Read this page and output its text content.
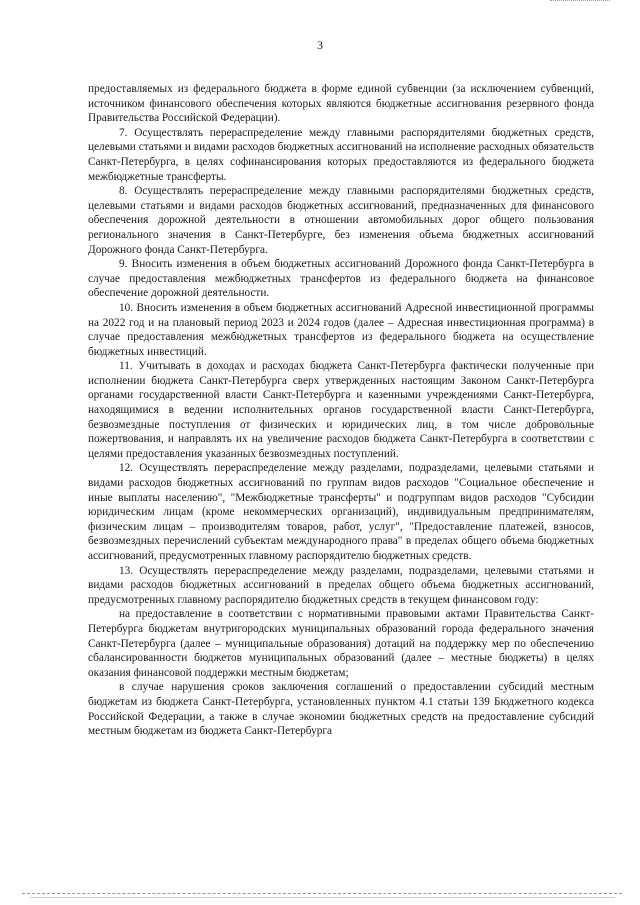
3

предоставляемых из федерального бюджета в форме единой субвенции (за исключением субвенций, источником финансового обеспечения которых являются бюджетные ассигнования резервного фонда Правительства Российской Федерации).

7. Осуществлять перераспределение между главными распорядителями бюджетных средств, целевыми статьями и видами расходов бюджетных ассигнований на исполнение расходных обязательств Санкт-Петербурга, в целях софинансирования которых предоставляются из федерального бюджета межбюджетные трансферты.

8. Осуществлять перераспределение между главными распорядителями бюджетных средств, целевыми статьями и видами расходов бюджетных ассигнований, предназначенных для финансового обеспечения дорожной деятельности в отношении автомобильных дорог общего пользования регионального значения в Санкт-Петербурге, без изменения объема бюджетных ассигнований Дорожного фонда Санкт-Петербурга.

9. Вносить изменения в объем бюджетных ассигнований Дорожного фонда Санкт-Петербурга в случае предоставления межбюджетных трансфертов из федерального бюджета на финансовое обеспечение дорожной деятельности.

10. Вносить изменения в объем бюджетных ассигнований Адресной инвестиционной программы на 2022 год и на плановый период 2023 и 2024 годов (далее – Адресная инвестиционная программа) в случае предоставления межбюджетных трансфертов из федерального бюджета на осуществление бюджетных инвестиций.

11. Учитывать в доходах и расходах бюджета Санкт-Петербурга фактически полученные при исполнении бюджета Санкт-Петербурга сверх утвержденных настоящим Законом Санкт-Петербурга органами государственной власти Санкт-Петербурга и казенными учреждениями Санкт-Петербурга, находящимися в ведении исполнительных органов государственной власти Санкт-Петербурга, безвозмездные поступления от физических и юридических лиц, в том числе добровольные пожертвования, и направлять их на увеличение расходов бюджета Санкт-Петербурга в соответствии с целями предоставления указанных безвозмездных поступлений.

12. Осуществлять перераспределение между разделами, подразделами, целевыми статьями и видами расходов бюджетных ассигнований по группам видов расходов "Социальное обеспечение и иные выплаты населению", "Межбюджетные трансферты" и подгруппам видов расходов "Субсидии юридическим лицам (кроме некоммерческих организаций), индивидуальным предпринимателям, физическим лицам – производителям товаров, работ, услуг", "Предоставление платежей, взносов, безвозмездных перечислений субъектам международного права" в пределах общего объема бюджетных ассигнований, предусмотренных главному распорядителю бюджетных средств.

13. Осуществлять перераспределение между разделами, подразделами, целевыми статьями и видами расходов бюджетных ассигнований в пределах общего объема бюджетных ассигнований, предусмотренных главному распорядителю бюджетных средств в текущем финансовом году:

на предоставление в соответствии с нормативными правовыми актами Правительства Санкт-Петербурга бюджетам внутригородских муниципальных образований города федерального значения Санкт-Петербурга (далее – муниципальные образования) дотаций на поддержку мер по обеспечению сбалансированности бюджетов муниципальных образований (далее – местные бюджеты) в целях оказания финансовой поддержки местным бюджетам;

в случае нарушения сроков заключения соглашений о предоставлении субсидий местным бюджетам из бюджета Санкт-Петербурга, установленных пунктом 4.1 статьи 139 Бюджетного кодекса Российской Федерации, а также в случае экономии бюджетных средств на предоставление субсидий местным бюджетам из бюджета Санкт-Петербурга
